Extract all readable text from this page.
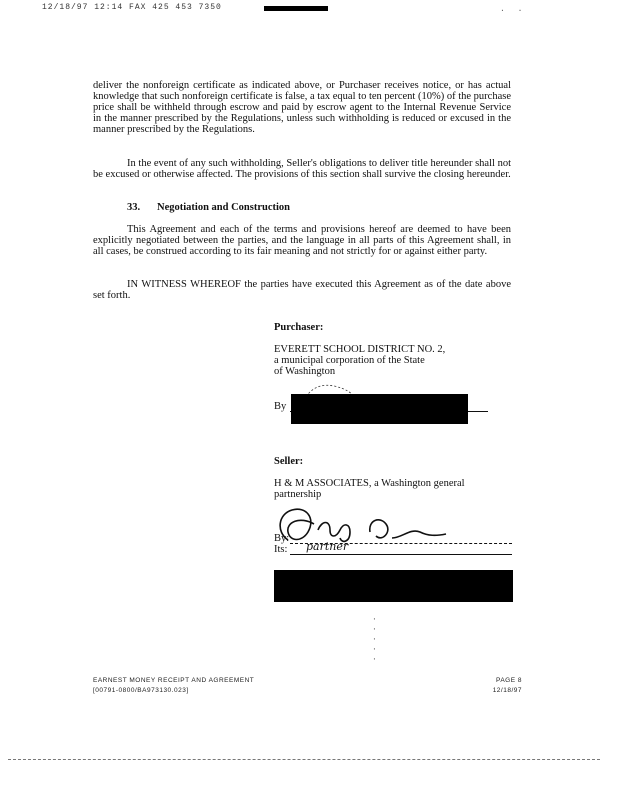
12/18/97 12:14 FAX 425 453 7350	. .
deliver the nonforeign certificate as indicated above, or Purchaser receives notice, or has actual knowledge that such nonforeign certificate is false, a tax equal to ten percent (10%) of the purchase price shall be withheld through escrow and paid by escrow agent to the Internal Revenue Service in the manner prescribed by the Regulations, unless such withholding is reduced or excused in the manner prescribed by the Regulations.
In the event of any such withholding, Seller's obligations to deliver title hereunder shall not be excused or otherwise affected. The provisions of this section shall survive the closing hereunder.
33. Negotiation and Construction
This Agreement and each of the terms and provisions hereof are deemed to have been explicitly negotiated between the parties, and the language in all parts of this Agreement shall, in all cases, be construed according to its fair meaning and not strictly for or against either party.
IN WITNESS WHEREOF the parties have executed this Agreement as of the date above set forth.
Purchaser:
EVERETT SCHOOL DISTRICT NO. 2,
a municipal corporation of the State
of Washington
By
Seller:
H & M ASSOCIATES, a Washington general
partnership
By:
Its: partner
·
·
·
·
·
EARNEST MONEY RECEIPT AND AGREEMENT
[00791-0800/BA973130.023]
PAGE 8
12/18/97
